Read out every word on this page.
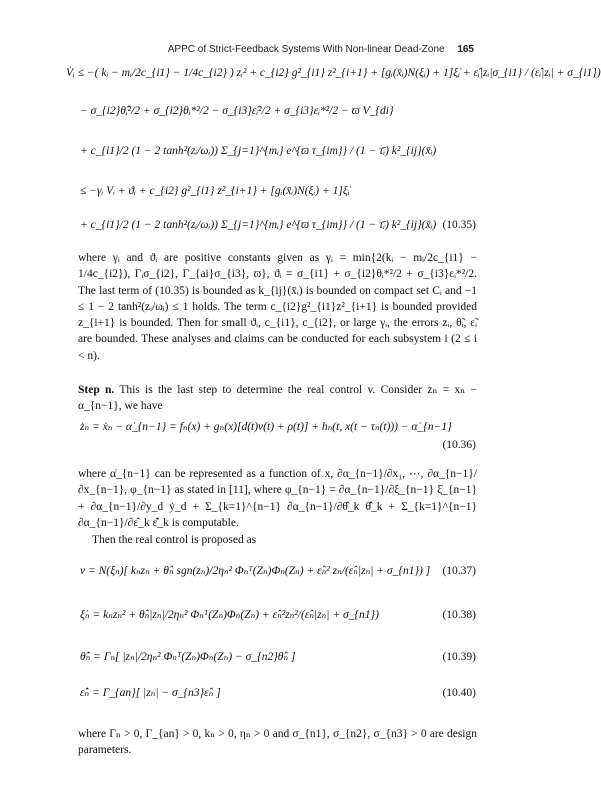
APPC of Strict-Feedback Systems With Non-linear Dead-Zone 165
V̇ᵢ ≤ −( kᵢ − mᵢ/2c_{i1} − 1/4c_{i2} ) zᵢ² + c_{i2} g²_{i1} z²_{i+1} + [gᵢ(x̄ᵢ)N(ξᵢ) + 1]ξ̇ᵢ + ε̂ᵢ|zᵢ|σ_{i1} / (ε̂ᵢ|zᵢ| + σ_{i1})
− σ_{i2}θ̂ᵢ²/2 + σ_{i2}θᵢ*²/2 − σ_{i3}ε̂ᵢ²/2 + σ_{i3}εᵢ*²/2 − ϖ V_{di}
+ c_{i1}/2 (1 − 2 tanh²(zᵢ/ωᵢ)) Σ_{j=1}^{mᵢ} e^{ϖ τ_{im}} / (1 − τ̄ᵢ) k²_{ij}(x̄ᵢ)
≤ −γᵢ Vᵢ + ϑᵢ + c_{i2} g²_{i1} z²_{i+1} + [gᵢ(x̄ᵢ)N(ξᵢ) + 1]ξ̇ᵢ
+ c_{i1}/2 (1 − 2 tanh²(zᵢ/ωᵢ)) Σ_{j=1}^{mᵢ} e^{ϖ τ_{im}} / (1 − τ̄ᵢ) k²_{ij}(x̄ᵢ) (10.35)
where γᵢ and ϑᵢ are positive constants given as γᵢ = min{2(kᵢ − mᵢ/2c_{i1} − 1/4c_{i2}), Γᵢσ_{i2}, Γ_{ai}σ_{i3}, ϖ}, ϑᵢ = σ_{i1} + σ_{i2}θᵢ*²/2 + σ_{i3}εᵢ*²/2. The last term of (10.35) is bounded as k_{ij}(x̄ᵢ) is bounded on compact set Cᵢ and −1 ≤ 1 − 2 tanh²(zᵢ/ωᵢ) ≤ 1 holds. The term c_{i2}g²_{i1}z²_{i+1} is bounded provided z_{i+1} is bounded. Then for small ϑᵢ, c_{i1}, c_{i2}, or large γᵢ, the errors zᵢ, θ̃ᵢ, ε̃ᵢ are bounded. These analyses and claims can be conducted for each subsystem i (2 ≤ i < n).
Step n. This is the last step to determine the real control v. Consider zₙ = xₙ − α_{n−1}, we have
żₙ = ẋₙ − α̇_{n−1} = fₙ(x) + gₙ(x)[d(t)v(t) + ρ(t)] + hₙ(t, x(t − τₙ(t))) − α̇_{n−1}
(10.36)
where α̇_{n−1} can be represented as a function of x, ∂α_{n−1}/∂x₁, ⋯, ∂α_{n−1}/∂x_{n−1}, φ_{n−1} as stated in [11], where φ_{n−1} = ∂α_{n−1}/∂ξ_{n−1} ξ̇_{n−1} + ∂α_{n−1}/∂y_d ẏ_d + Σ_{k=1}^{n−1} ∂α_{n−1}/∂θ̂_k θ̂̇_k + Σ_{k=1}^{n−1} ∂α_{n−1}/∂ε̂_k ε̂̇_k is computable.
Then the real control is proposed as
v = N(ξₙ)[ kₙzₙ + θ̂ₙ sgn(zₙ)/2ηₙ² Φₙᵀ(Zₙ)Φₙ(Zₙ) + ε̂ₙ² zₙ/(ε̂ₙ|zₙ| + σ_{n1}) ] (10.37)
ξ̇ₙ = kₙzₙ² + θ̂ₙ|zₙ|/2ηₙ² Φₙᵀ(Zₙ)Φₙ(Zₙ) + ε̂ₙ²zₙ²/(ε̂ₙ|zₙ| + σ_{n1})	(10.38)
θ̂̇ₙ = Γₙ[ |zₙ|/2ηₙ² Φₙᵀ(Zₙ)Φₙ(Zₙ) − σ_{n2}θ̂ₙ ]	(10.39)
ε̂̇ₙ = Γ_{an}[ |zₙ| − σ_{n3}ε̂ₙ ]	(10.40)
where Γₙ > 0, Γ_{an} > 0, kₙ > 0, ηₙ > 0 and σ_{n1}, σ_{n2}, σ_{n3} > 0 are design parameters.
